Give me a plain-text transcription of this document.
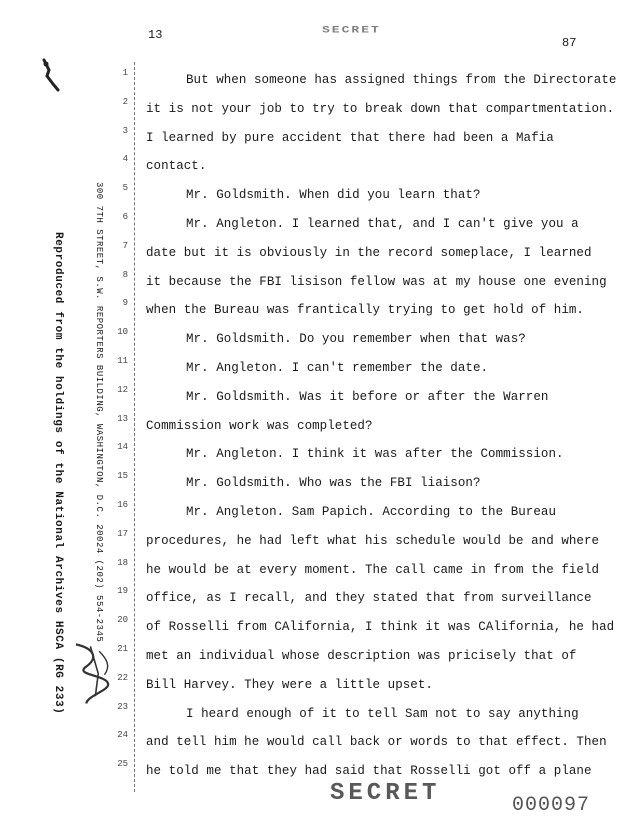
13	SECRET
87
Reproduced from the holdings of the National Archives HSCA (RG 233)	300 7TH STREET, S.W. REPORTERS BUILDING, WASHINGTON, D.C. 20024 (202) 554-2345
1
2
3
4
5
6
7
8
9
10
11
12
13
14
15
16
17
18
19
20
21
22
23
24
25
But when someone has assigned things from the Directorate
it is not your job to try to break down that compartmentation.
I learned by pure accident that there had been a Mafia
contact.
Mr. Goldsmith. When did you learn that?
Mr. Angleton. I learned that, and I can't give you a
date but it is obviously in the record someplace, I learned
it because the FBI lisison fellow was at my house one evening
when the Bureau was frantically trying to get hold of him.
Mr. Goldsmith. Do you remember when that was?
Mr. Angleton. I can't remember the date.
Mr. Goldsmith. Was it before or after the Warren
Commission work was completed?
Mr. Angleton. I think it was after the Commission.
Mr. Goldsmith. Who was the FBI liaison?
Mr. Angleton. Sam Papich. According to the Bureau
procedures, he had left what his schedule would be and where
he would be at every moment. The call came in from the field
office, as I recall, and they stated that from surveillance
of Rosselli from CAlifornia, I think it was CAlifornia, he had
met an individual whose description was pricisely that of
Bill Harvey. They were a little upset.
I heard enough of it to tell Sam not to say anything
and tell him he would call back or words to that effect. Then
he told me that they had said that Rosselli got off a plane
SECRET	000097
